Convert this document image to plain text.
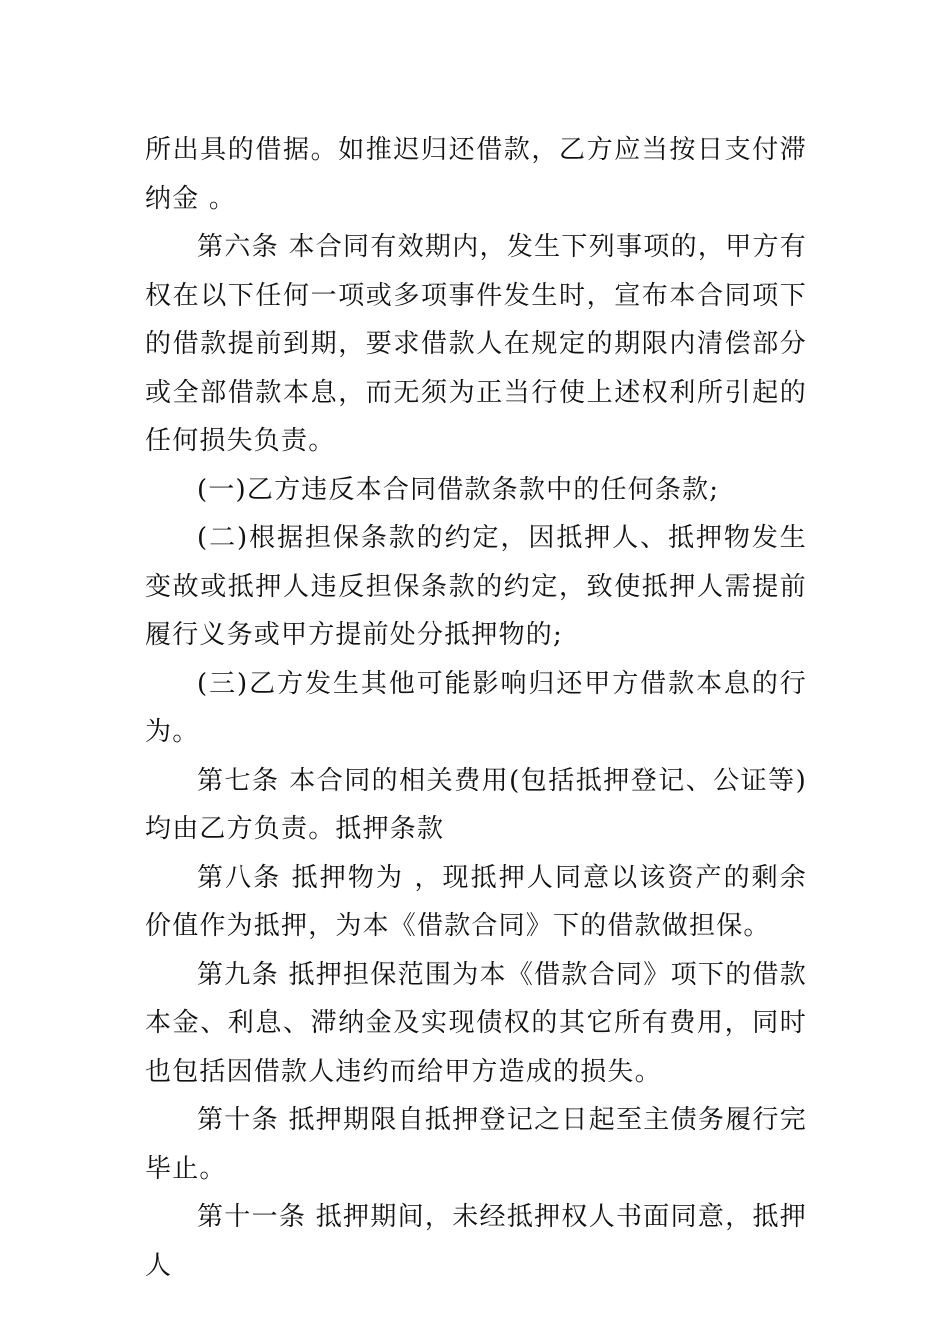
所出具的借据。如推迟归还借款，乙方应当按日支付滞纳金 。

第六条 本合同有效期内，发生下列事项的，甲方有权在以下任何一项或多项事件发生时，宣布本合同项下的借款提前到期，要求借款人在规定的期限内清偿部分或全部借款本息，而无须为正当行使上述权利所引起的任何损失负责。

(一)乙方违反本合同借款条款中的任何条款;

(二)根据担保条款的约定，因抵押人、抵押物发生变故或抵押人违反担保条款的约定，致使抵押人需提前履行义务或甲方提前处分抵押物的;

(三)乙方发生其他可能影响归还甲方借款本息的行为。

第七条 本合同的相关费用(包括抵押登记、公证等)均由乙方负责。抵押条款

第八条 抵押物为 ，现抵押人同意以该资产的剩余价值作为抵押，为本《借款合同》下的借款做担保。

第九条 抵押担保范围为本《借款合同》项下的借款本金、利息、滞纳金及实现债权的其它所有费用，同时也包括因借款人违约而给甲方造成的损失。

第十条 抵押期限自抵押登记之日起至主债务履行完毕止。

第十一条 抵押期间，未经抵押权人书面同意，抵押人
